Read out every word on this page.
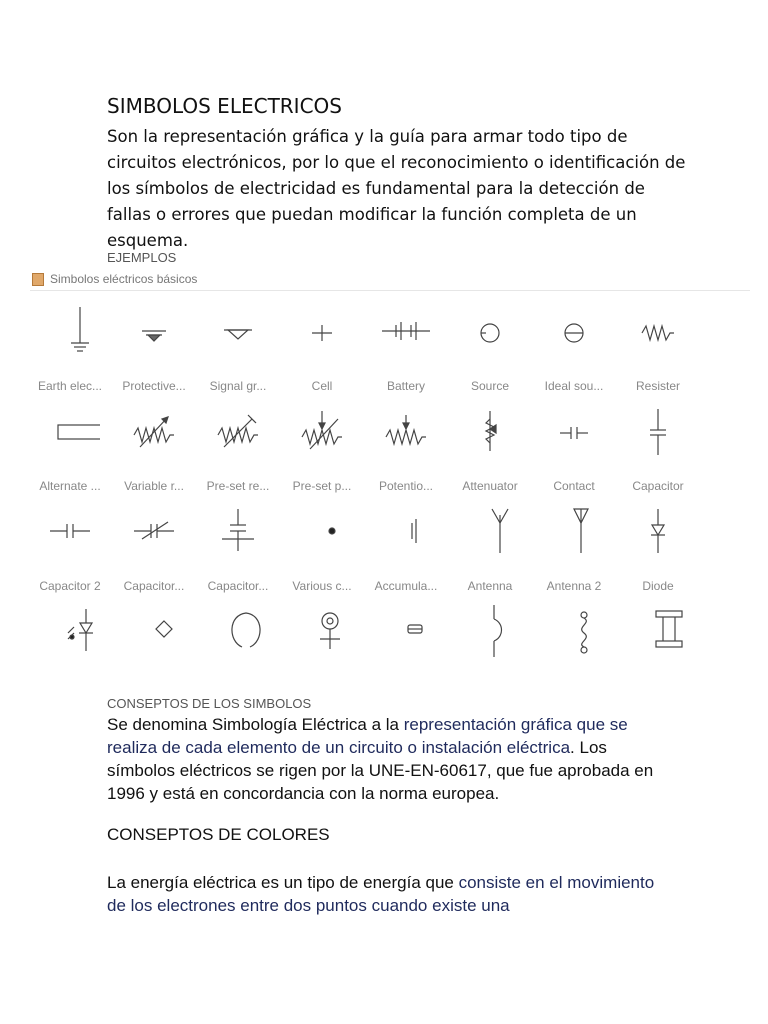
SIMBOLOS ELECTRICOS
Son la representación gráfica y la guía para armar todo tipo de circuitos electrónicos, por lo que el reconocimiento o identificación de los símbolos de electricidad es fundamental para la detección de fallas o errores que puedan modificar la función completa de un esquema.
EJEMPLOS
Simbolos eléctricos básicos
Earth elec...	Protective...	Signal gr...	Cell	Battery	Source	Ideal sou...	Resister
Alternate ...	Variable r...	Pre-set re...	Pre-set p...	Potentio...	Attenuator	Contact	Capacitor
Capacitor 2	Capacitor...	Capacitor...	Various c...	Accumula...	Antenna	Antenna 2	Diode
CONSEPTOS DE LOS SIMBOLOS
Se denomina Simbología Eléctrica a la representación gráfica que se realiza de cada elemento de un circuito o instalación eléctrica. Los símbolos eléctricos se rigen por la UNE-EN-60617, que fue aprobada en 1996 y está en concordancia con la norma europea.
CONSEPTOS DE COLORES
La energía eléctrica es un tipo de energía que consiste en el movimiento de los electrones entre dos puntos cuando existe una
